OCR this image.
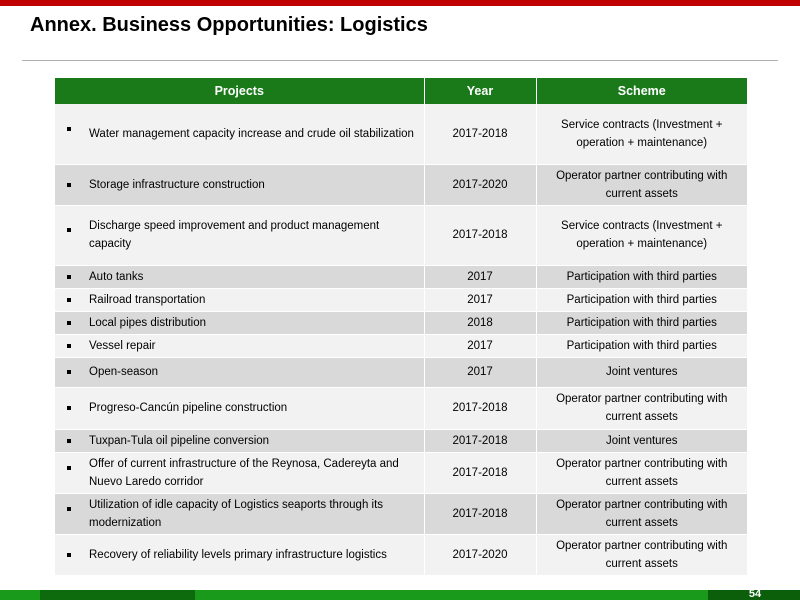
Annex. Business Opportunities: Logistics
Projects	Year	Scheme

Water management capacity increase and crude oil stabilization	2017-2018	Service contracts (Investment + operation + maintenance)

Storage infrastructure construction	2017-2020	Operator partner contributing with current assets

Discharge speed improvement and product management capacity	2017-2018	Service contracts (Investment + operation + maintenance)

Auto tanks	2017	Participation with third parties

Railroad transportation	2017	Participation with third parties

Local pipes distribution	2018	Participation with third parties

Vessel repair	2017	Participation with third parties

Open-season	2017	Joint ventures

Progreso-Cancún pipeline construction	2017-2018	Operator partner contributing with current assets

Tuxpan-Tula oil pipeline conversion	2017-2018	Joint ventures

Offer of current infrastructure of the Reynosa, Cadereyta and Nuevo Laredo corridor	2017-2018	Operator partner contributing with current assets

Utilization of idle capacity of Logistics seaports through its modernization	2017-2018	Operator partner contributing with current assets

Recovery of reliability levels primary infrastructure logistics	2017-2020	Operator partner contributing with current assets
54
